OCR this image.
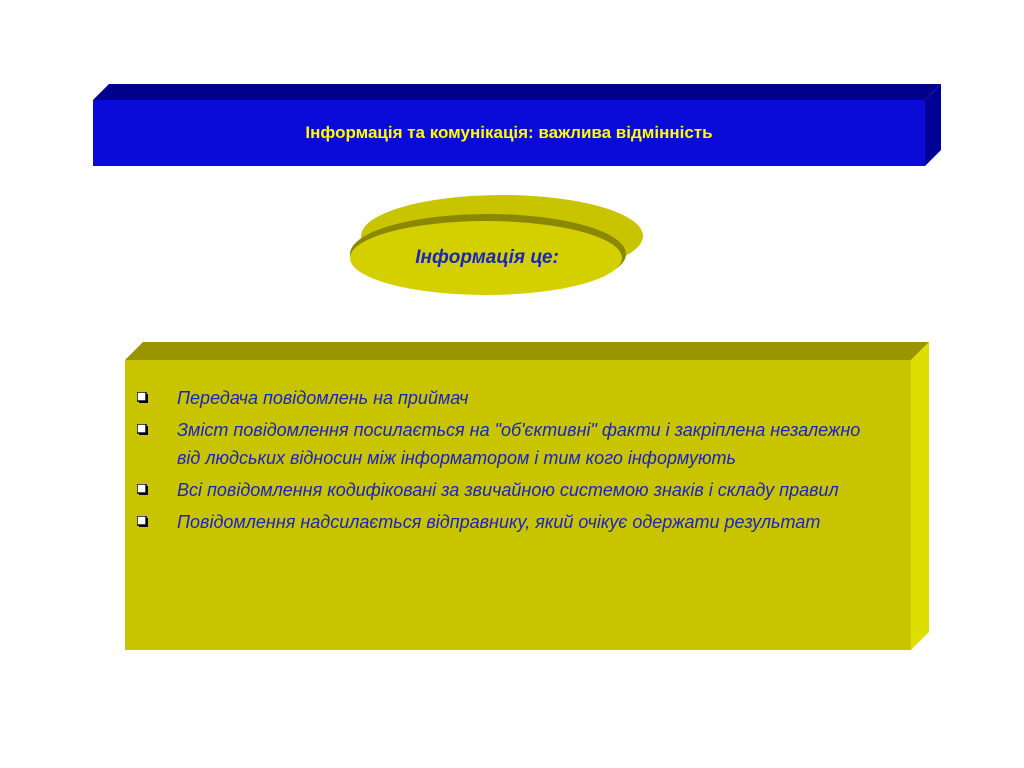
Інформація та комунікація: важлива відмінність
Інформація це:
Передача повідомлень на приймач
Зміст повідомлення посилається на "об'єктивні" факти і закріплена незалежно від людських відносин між інформатором і тим кого інформують
Всі повідомлення кодифіковані за звичайною системою знаків і складу правил
Повідомлення надсилається відправнику, який очікує одержати результат
